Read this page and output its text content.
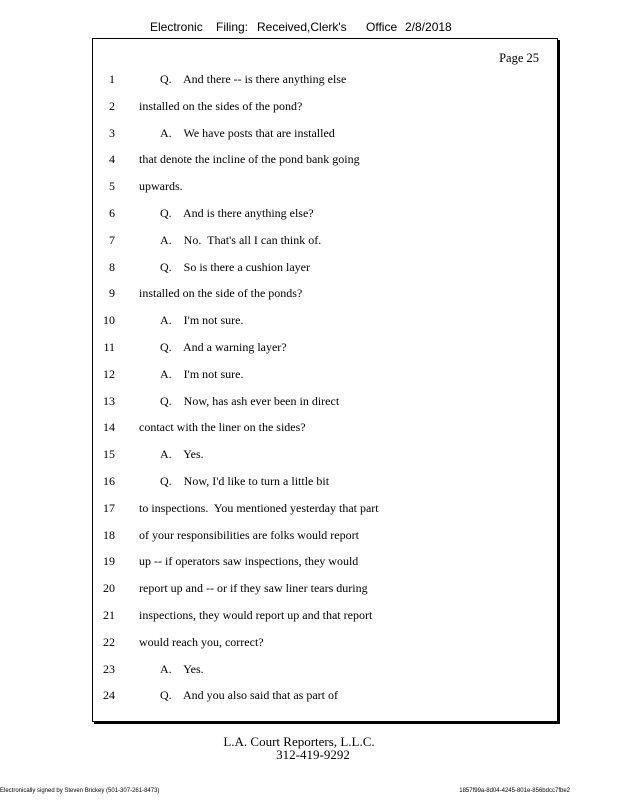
Electronic Filing: Received,Clerk's Office 2/8/2018
Page 25
1	Q.    And there -- is there anything else
2 installed on the sides of the pond?
3	A.    We have posts that are installed
4 that denote the incline of the pond bank going
5 upwards.
6	Q.    And is there anything else?
7	A.    No.  That's all I can think of.
8	Q.    So is there a cushion layer
9 installed on the side of the ponds?
10	A.    I'm not sure.
11	Q.    And a warning layer?
12	A.    I'm not sure.
13	Q.    Now, has ash ever been in direct
14 contact with the liner on the sides?
15	A.    Yes.
16	Q.    Now, I'd like to turn a little bit
17 to inspections.  You mentioned yesterday that part
18 of your responsibilities are folks would report
19 up -- if operators saw inspections, they would
20 report up and -- or if they saw liner tears during
21 inspections, they would report up and that report
22 would reach you, correct?
23	A.    Yes.
24	Q.    And you also said that as part of
L.A. Court Reporters, L.L.C.
312-419-9292
Electronically signed by Steven Brickey (501-307-261-8473)	1857f99a-8d04-4245-801e-856bdcc7fbe2
